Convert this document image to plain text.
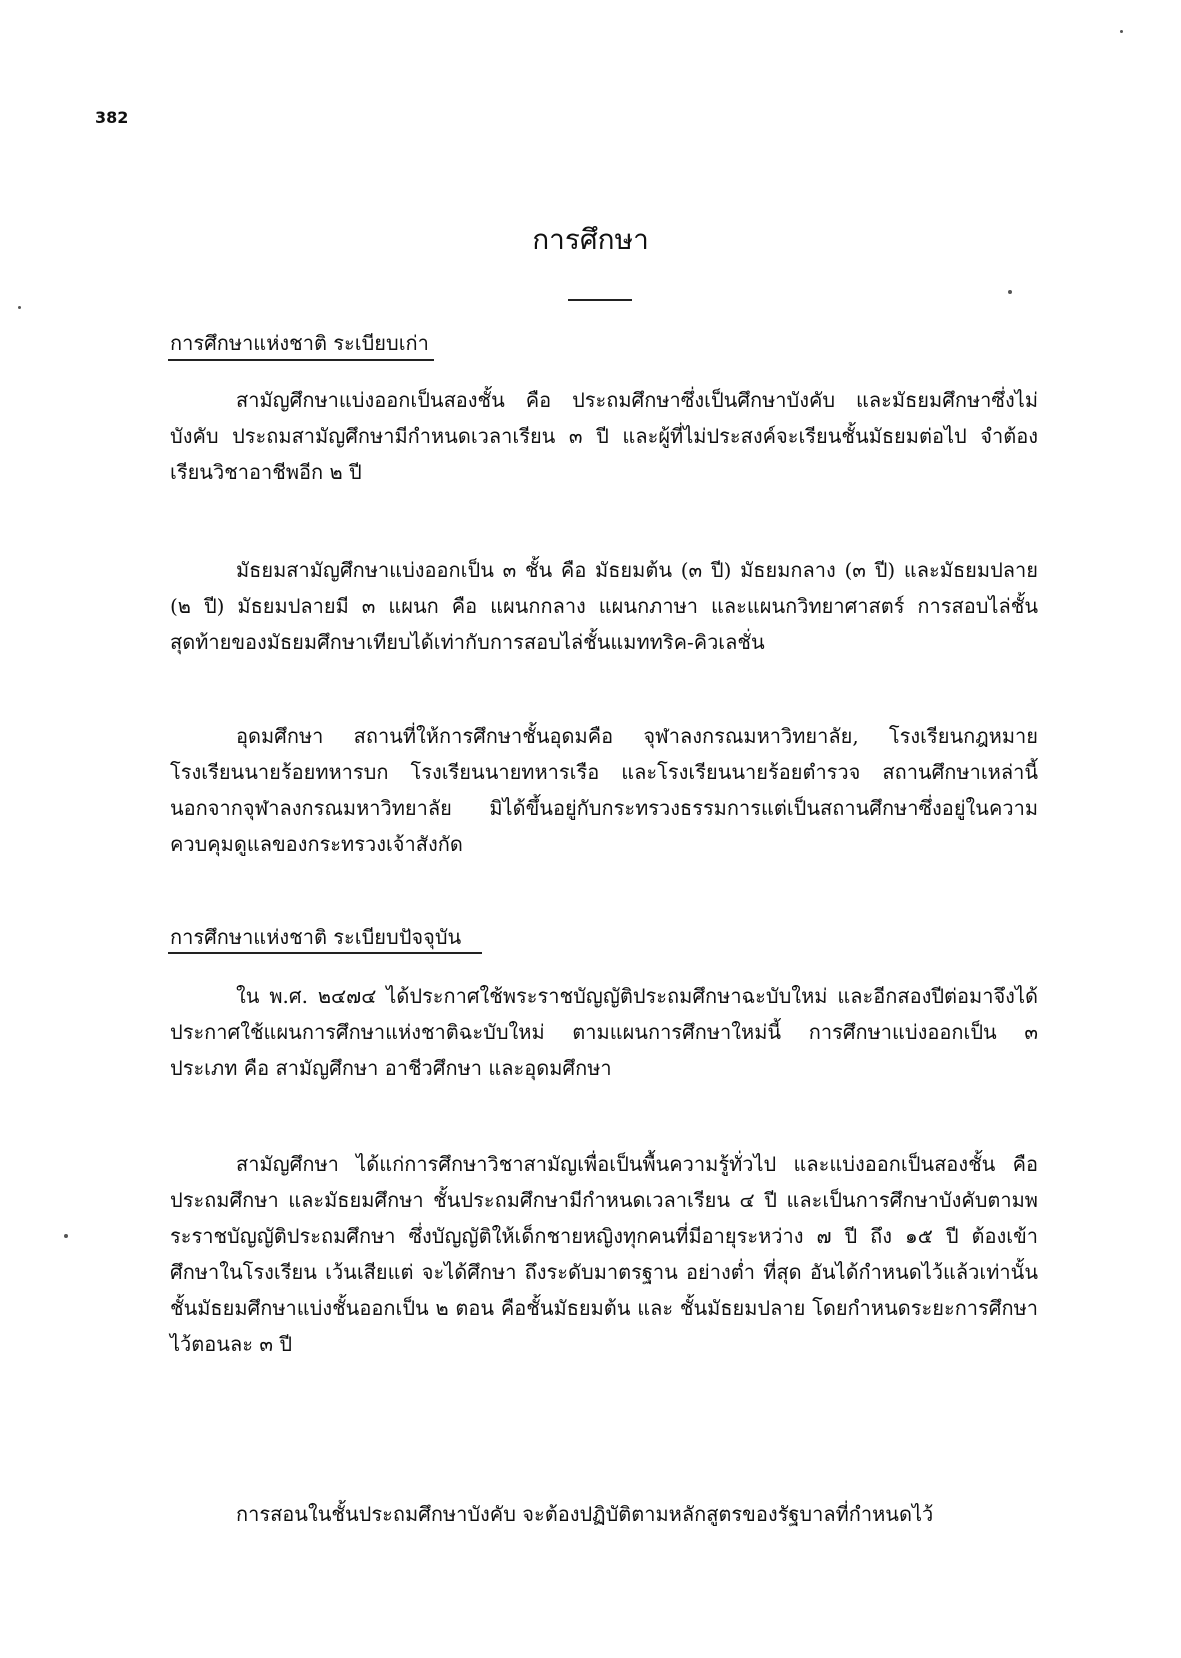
382
การศึกษา
การศึกษาแห่งชาติ ระเบียบเก่า

สามัญศึกษาแบ่งออกเป็นสองชั้น คือ ประถมศึกษาซึ่งเป็นศึกษาบังคับ และมัธยมศึกษาซึ่งไม่บังคับ ประถมสามัญศึกษามีกำหนดเวลาเรียน ๓ ปี และผู้ที่ไม่ประสงค์จะเรียนชั้นมัธยมต่อไป จำต้องเรียนวิชาอาชีพอีก ๒ ปี

มัธยมสามัญศึกษาแบ่งออกเป็น ๓ ชั้น คือ มัธยมต้น (๓ ปี) มัธยมกลาง (๓ ปี) และมัธยมปลาย (๒ ปี) มัธยมปลายมี ๓ แผนก คือ แผนกกลาง แผนกภาษา และแผนกวิทยาศาสตร์ การสอบไล่ชั้นสุดท้ายของมัธยมศึกษาเทียบได้เท่ากับการสอบไล่ชั้นแมททริค-คิวเลชั่น

อุดมศึกษา สถานที่ให้การศึกษาชั้นอุดมคือ จุฬาลงกรณมหาวิทยาลัย, โรงเรียนกฎหมาย โรงเรียนนายร้อยทหารบก โรงเรียนนายทหารเรือ และโรงเรียนนายร้อยตำรวจ สถานศึกษาเหล่านี้ นอกจากจุฬาลงกรณมหาวิทยาลัย มิได้ขึ้นอยู่กับกระทรวงธรรมการแต่เป็นสถานศึกษาซึ่งอยู่ในความควบคุมดูแลของกระทรวงเจ้าสังกัด

การศึกษาแห่งชาติ ระเบียบปัจจุบัน

ใน พ.ศ. ๒๔๗๔ ได้ประกาศใช้พระราชบัญญัติประถมศึกษาฉะบับใหม่ และอีกสองปีต่อมาจึงได้ประกาศใช้แผนการศึกษาแห่งชาติฉะบับใหม่ ตามแผนการศึกษาใหม่นี้ การศึกษาแบ่งออกเป็น ๓ ประเภท คือ สามัญศึกษา อาชีวศึกษา และอุดมศึกษา

สามัญศึกษา ได้แก่การศึกษาวิชาสามัญเพื่อเป็นพื้นความรู้ทั่วไป และแบ่งออกเป็นสองชั้น คือ ประถมศึกษา และมัธยมศึกษา ชั้นประถมศึกษามีกำหนดเวลาเรียน ๔ ปี และเป็นการศึกษาบังคับตามพระราชบัญญัติประถมศึกษา ซึ่งบัญญัติให้เด็กชายหญิงทุกคนที่มีอายุระหว่าง ๗ ปี ถึง ๑๕ ปี ต้องเข้าศึกษาในโรงเรียน เว้นเสียแต่ จะได้ศึกษา ถึงระดับมาตรฐาน อย่างต่ำ ที่สุด อันได้กำหนดไว้แล้วเท่านั้น ชั้นมัธยมศึกษาแบ่งชั้นออกเป็น ๒ ตอน คือชั้นมัธยมต้น และ ชั้นมัธยมปลาย โดยกำหนดระยะการศึกษาไว้ตอนละ ๓ ปี

การสอนในชั้นประถมศึกษาบังคับ จะต้องปฏิบัติตามหลักสูตรของรัฐบาลที่กำหนดไว้
